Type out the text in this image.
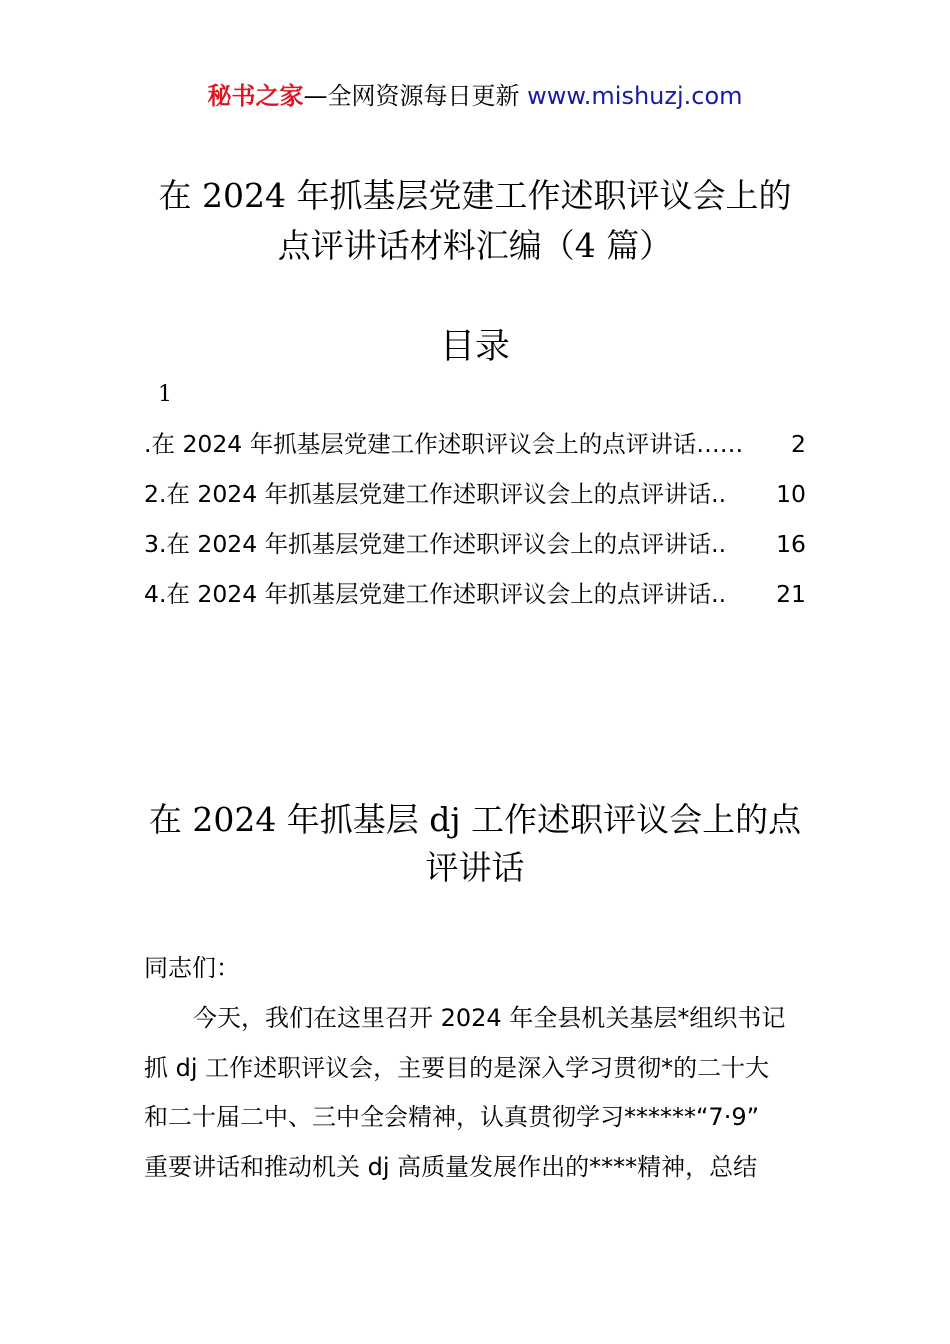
秘书之家—全网资源每日更新 www.mishuzj.com
在 2024 年抓基层党建工作述职评议会上的
点评讲话材料汇编（4 篇）
目录
1
.在 2024 年抓基层党建工作述职评议会上的点评讲话…… 2
2.在 2024 年抓基层党建工作述职评议会上的点评讲话.. 10
3.在 2024 年抓基层党建工作述职评议会上的点评讲话.. 16
4.在 2024 年抓基层党建工作述职评议会上的点评讲话.. 21
在 2024 年抓基层 dj 工作述职评议会上的点
评讲话
同志们：
今天，我们在这里召开 2024 年全县机关基层*组织书记
抓 dj 工作述职评议会，主要目的是深入学习贯彻*的二十大
和二十届二中、三中全会精神，认真贯彻学习******“7·9”
重要讲话和推动机关 dj 高质量发展作出的****精神，总结
